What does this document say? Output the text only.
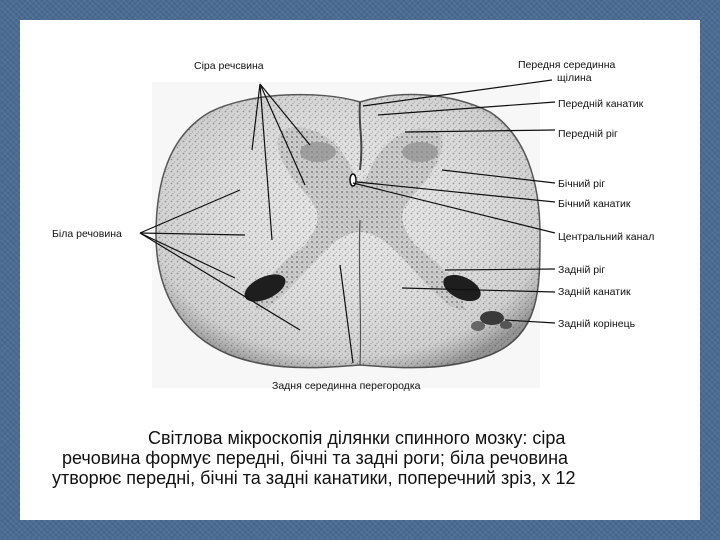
Сіра речсвина
Біла речовина
Передня серединна
щілина
Передній канатик
Передній ріг
Бічний ріг
Бічний канатик
Центральний канал
Задній ріг
Задній канатик
Задній корінець
Задня серединна перегородка
Світлова мікроскопія ділянки спинного мозку: сіра
речовина формує передні, бічні та задні роги; біла речовина
утворює передні, бічні та задні канатики, поперечний зріз, х 12
